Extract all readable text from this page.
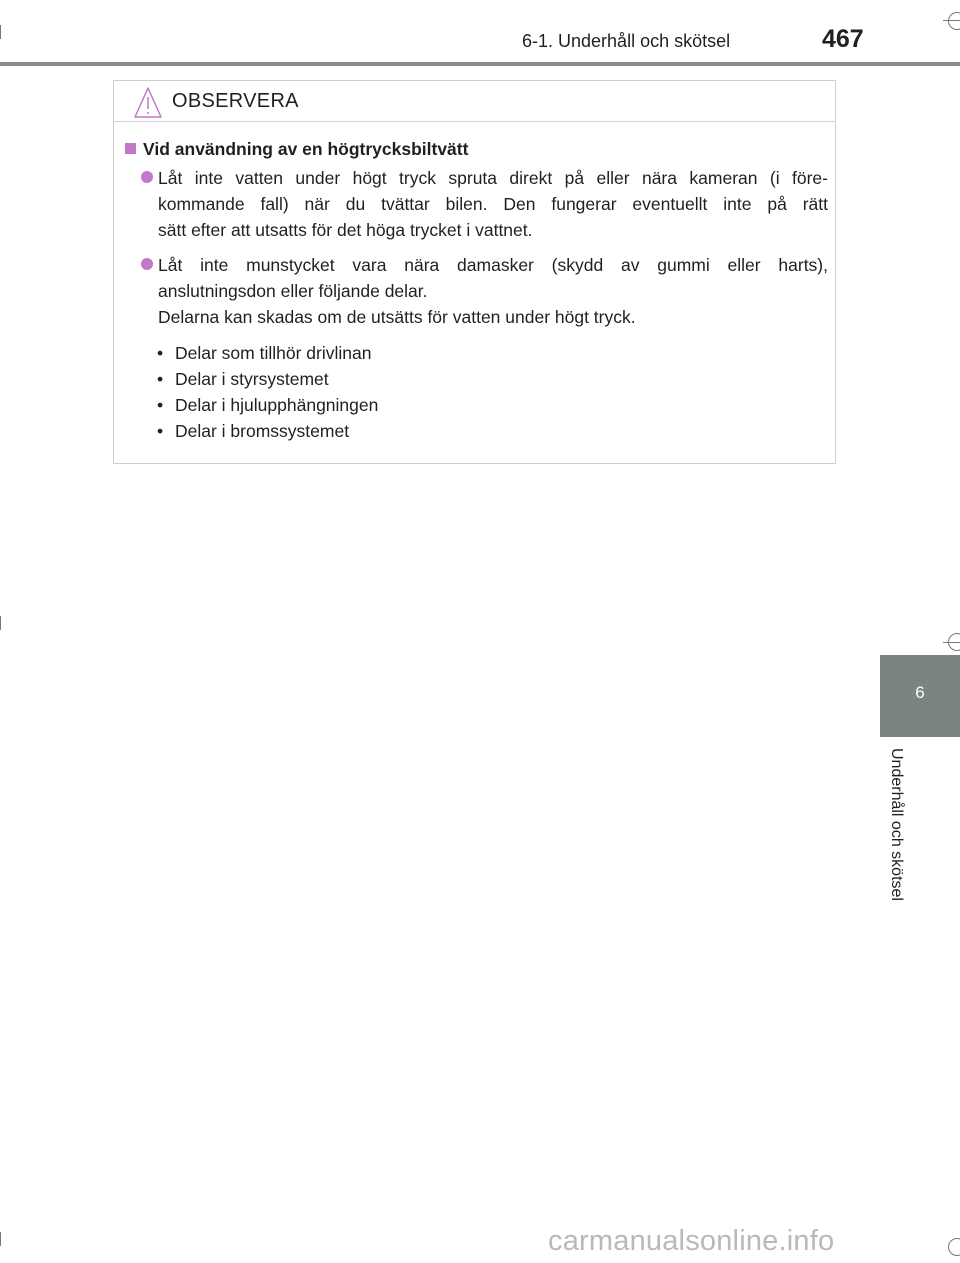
6-1. Underhåll och skötsel	467
6
Underhåll och skötsel
OBSERVERA
Vid användning av en högtrycksbiltvätt
Låt inte vatten under högt tryck spruta direkt på eller nära kameran (i före-
kommande fall) när du tvättar bilen. Den fungerar eventuellt inte på rätt
sätt efter att utsatts för det höga trycket i vattnet.
Låt inte munstycket vara nära damasker (skydd av gummi eller harts),
anslutningsdon eller följande delar.
Delarna kan skadas om de utsätts för vatten under högt tryck.
• Delar som tillhör drivlinan
• Delar i styrsystemet
• Delar i hjulupphängningen
• Delar i bromssystemet
carmanualsonline.info
